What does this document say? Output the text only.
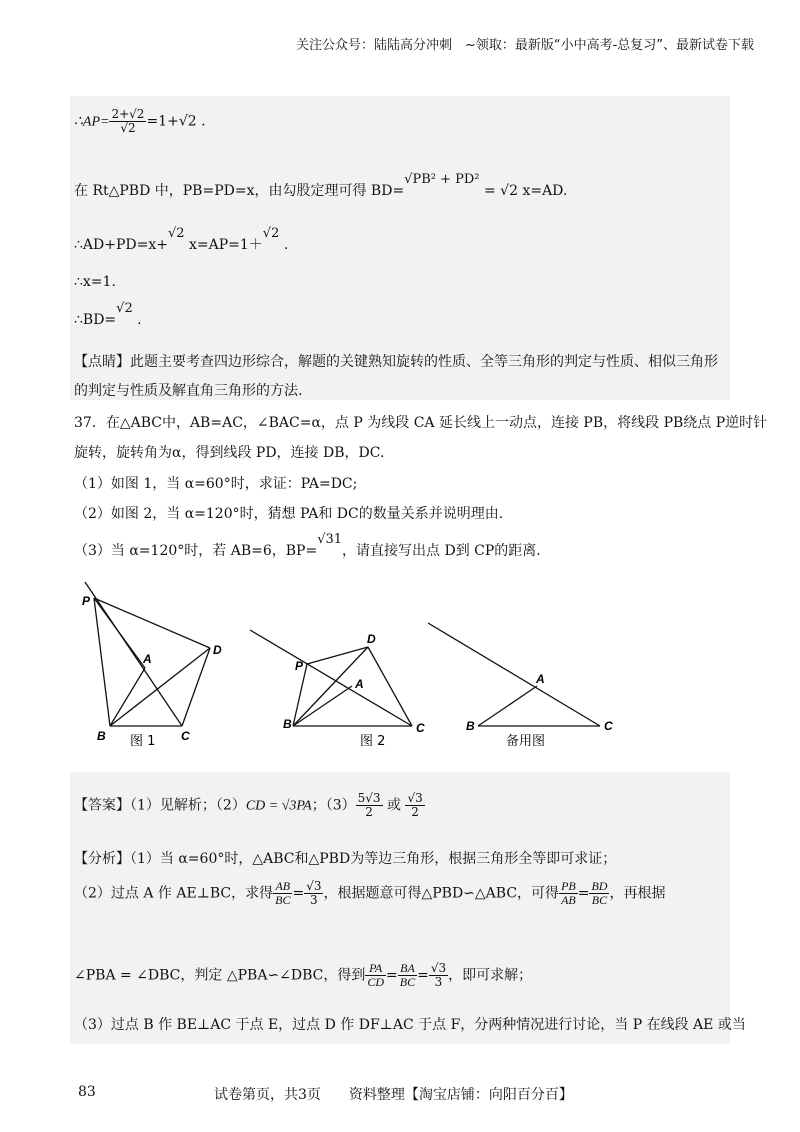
关注公众号：陆陆高分冲刺　~领取：最新版“小中高考-总复习”、最新试卷下载
∴AP= $\frac{2+√2}{√2} =1+√2$ .
在 Rt△PBD 中，PB=PD=x，由勾股定理可得 BD=√PB² + PD² = √2 x=AD.
∴AD+PD=x+√2 x=AP=1＋√2 .
∴x=1.
∴BD=√2 .
【点睛】此题主要考查四边形综合，解题的关键熟知旋转的性质、全等三角形的判定与性质、相似三角形
的判定与性质及解直角三角形的方法.
37．在△ABC中，AB=AC，∠BAC=α，点 P 为线段 CA 延长线上一动点，连接 PB，将线段 PB绕点 P逆时针
旋转，旋转角为α，得到线段 PD，连接 DB，DC.
（1）如图 1，当 α=60°时，求证：PA=DC;
（2）如图 2，当 α=120°时，猜想 PA和 DC的数量关系并说明理由.
（3）当 α=120°时，若 AB=6，BP=√31，请直接写出点 D到 CP的距离.
P
A
B	C
D
图 1
P
A
B	C
D
图 2
A
B	C
备用图
【答案】（1）见解析；（2）CD = √3PA；$(3) \frac{5√3}{2}$ 或 $\frac{√3}{2}$
【分析】（1）当 α=60°时，△ABC和△PBD为等边三角形，根据三角形全等即可求证；
（2）过点 A 作 AE⊥BC，求得 $\frac{AB}{BC} = \frac{√3}{3}$ ，根据题意可得△PBD∽△ABC，可得 $\frac{PB}{AB} = \frac{BD}{BC}$ ，再根据
∠PBA = ∠DBC，判定 △PBA∽∠DBC，得到 $\frac{PA}{CD} = \frac{BA}{BC} = \frac{√3}{3}$ ，即可求解；
（3）过点 B 作 BE⊥AC 于点 E，过点 D 作 DF⊥AC 于点 F，分两种情况进行讨论，当 P 在线段 AE 或当
83	试卷第页，共3页　　资料整理【淘宝店铺：向阳百分百】
